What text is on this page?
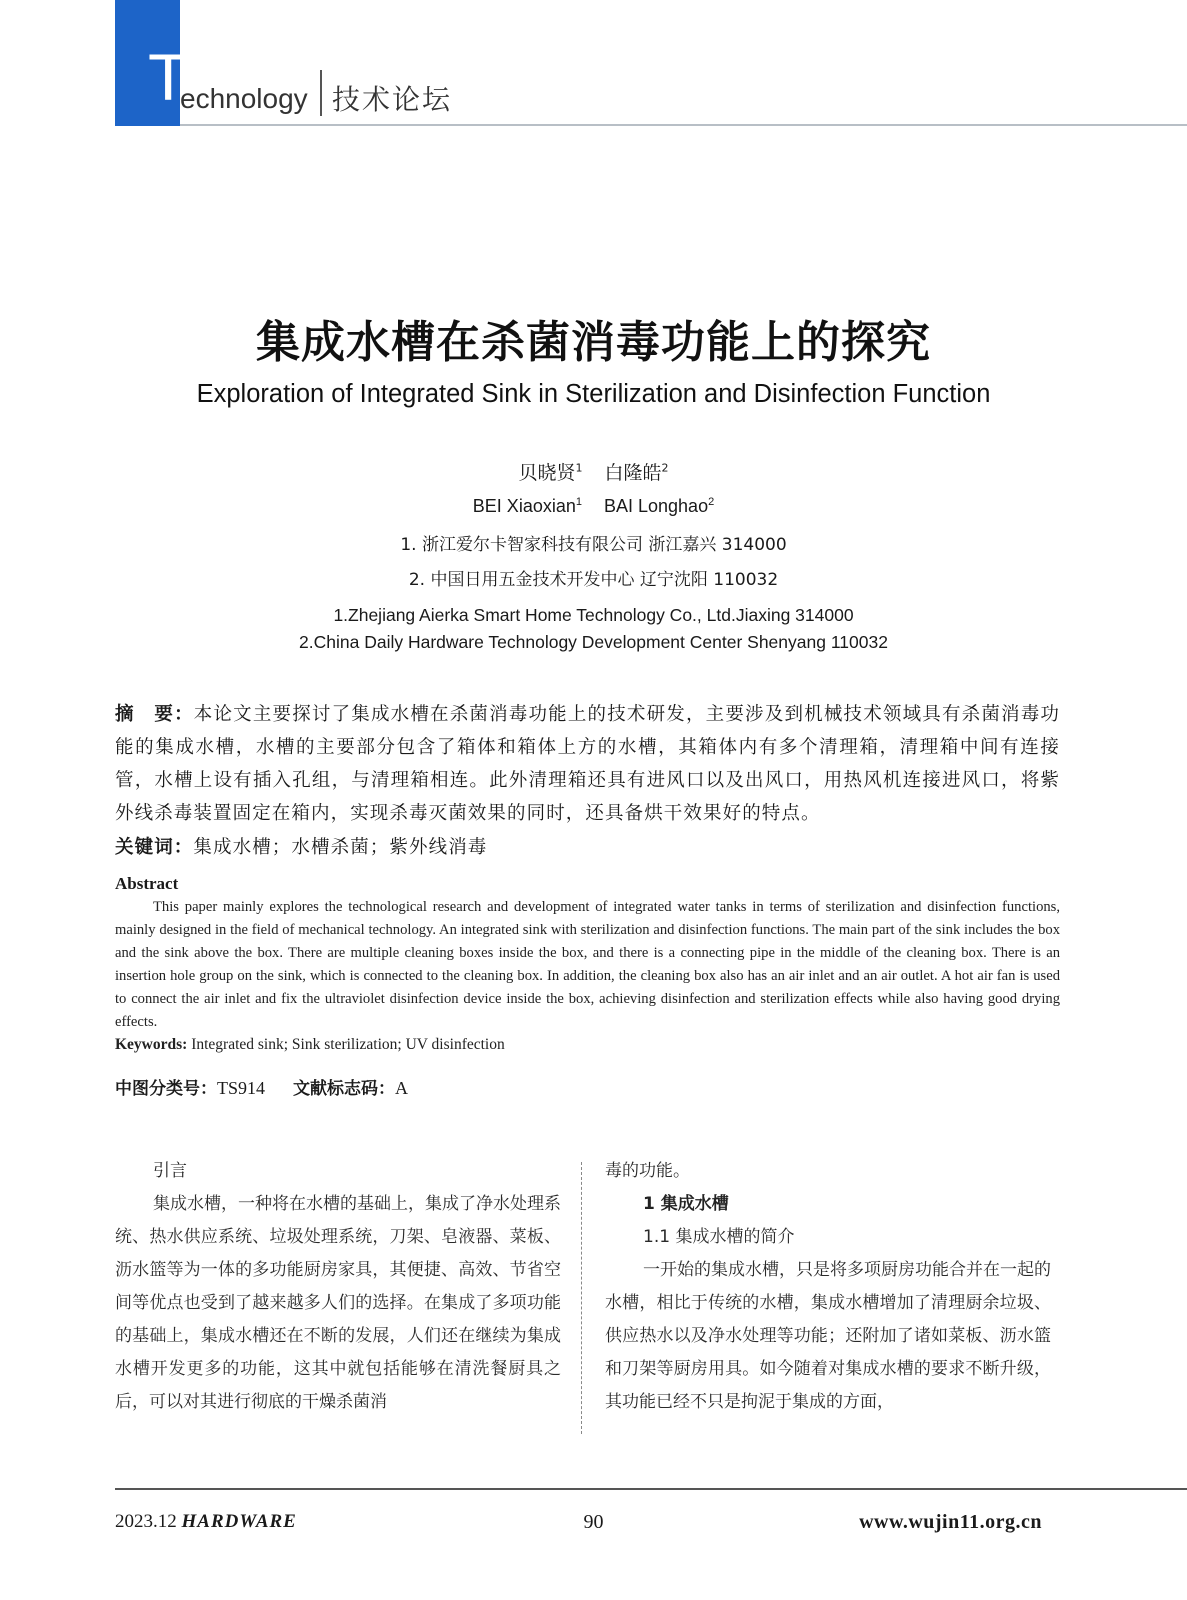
T
echnology 技术论坛
集成水槽在杀菌消毒功能上的探究
Exploration of Integrated Sink in Sterilization and Disinfection Function
贝晓贤$^1$ 白隆皓$^2$
BEI Xiaoxian$^1$ BAI Longhao$^2$
1. 浙江爱尔卡智家科技有限公司 浙江嘉兴 314000
2. 中国日用五金技术开发中心 辽宁沈阳 110032
1.Zhejiang Aierka Smart Home Technology Co., Ltd.Jiaxing 314000
2.China Daily Hardware Technology Development Center Shenyang 110032
摘　要：本论文主要探讨了集成水槽在杀菌消毒功能上的技术研发，主要涉及到机械技术领域具有杀菌消毒功能的集成水槽，水槽的主要部分包含了箱体和箱体上方的水槽，其箱体内有多个清理箱，清理箱中间有连接管，水槽上设有插入孔组，与清理箱相连。此外清理箱还具有进风口以及出风口，用热风机连接进风口，将紫外线杀毒装置固定在箱内，实现杀毒灭菌效果的同时，还具备烘干效果好的特点。
关键词：集成水槽；水槽杀菌；紫外线消毒
Abstract

This paper mainly explores the technological research and development of integrated water tanks in terms of sterilization and disinfection functions, mainly designed in the field of mechanical technology. An integrated sink with sterilization and disinfection functions. The main part of the sink includes the box and the sink above the box. There are multiple cleaning boxes inside the box, and there is a connecting pipe in the middle of the cleaning box. There is an insertion hole group on the sink, which is connected to the cleaning box. In addition, the cleaning box also has an air inlet and an air outlet. A hot air fan is used to connect the air inlet and fix the ultraviolet disinfection device inside the box, achieving disinfection and sterilization effects while also having good drying effects.

Keywords: Integrated sink; Sink sterilization; UV disinfection
中图分类号：TS914 文献标志码：A

引言

集成水槽，一种将在水槽的基础上，集成了净水处理系统、热水供应系统、垃圾处理系统，刀架、皂液器、菜板、沥水篮等为一体的多功能厨房家具，其便捷、高效、节省空间等优点也受到了越来越多人们的选择。在集成了多项功能的基础上，集成水槽还在不断的发展，人们还在继续为集成水槽开发更多的功能，这其中就包括能够在清洗餐厨具之后，可以对其进行彻底的干燥杀菌消

毒的功能。

1 集成水槽

1.1 集成水槽的简介

一开始的集成水槽，只是将多项厨房功能合并在一起的水槽，相比于传统的水槽，集成水槽增加了清理厨余垃圾、供应热水以及净水处理等功能；还附加了诸如菜板、沥水篮和刀架等厨房用具。如今随着对集成水槽的要求不断升级，其功能已经不只是拘泥于集成的方面，

2023.12 HARDWARE	90	www.wujin11.org.cn
